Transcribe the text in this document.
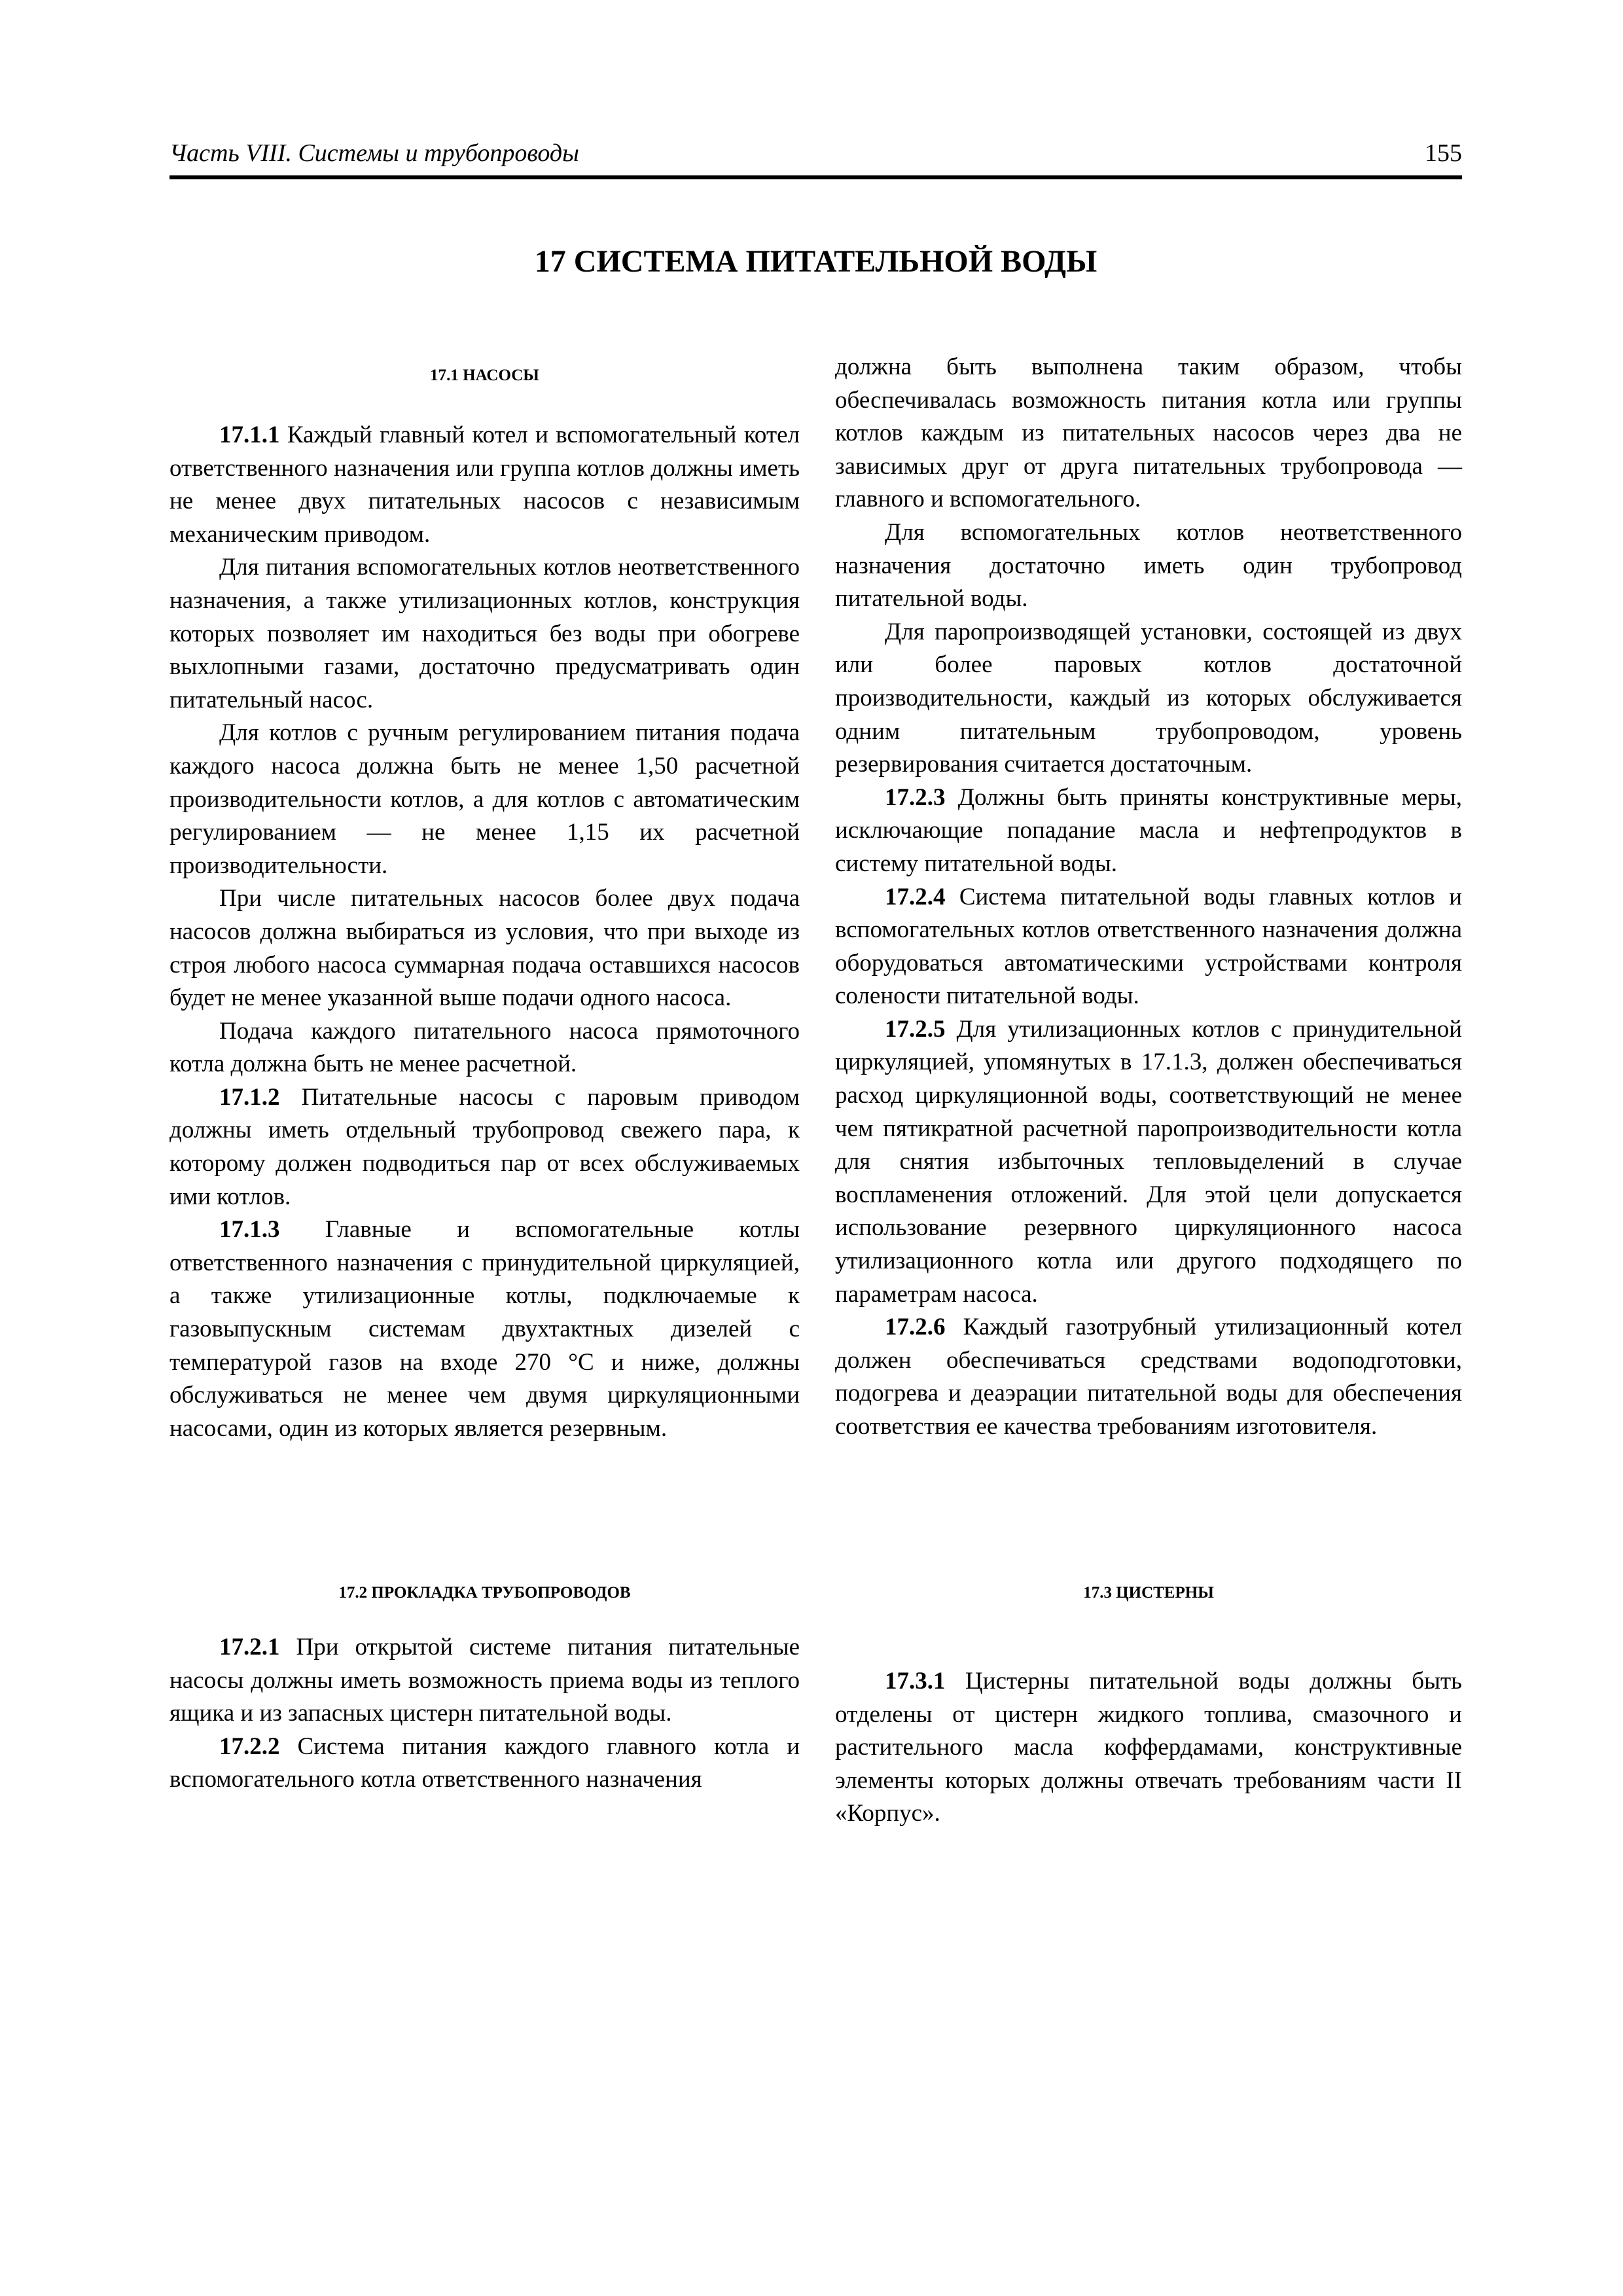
Часть VIII. Системы и трубопроводы	155
17 СИСТЕМА ПИТАТЕЛЬНОЙ ВОДЫ
17.1 НАСОСЫ

17.1.1 Каждый главный котел и вспомогательный котел ответственного назначения или группа котлов должны иметь не менее двух питательных насосов с независимым механическим приводом.

Для питания вспомогательных котлов неответственного назначения, а также утилизационных котлов, конструкция которых позволяет им находиться без воды при обогреве выхлопными газами, достаточно предусматривать один питательный насос.

Для котлов с ручным регулированием питания подача каждого насоса должна быть не менее 1,50 расчетной производительности котлов, а для котлов с автоматическим регулированием — не менее 1,15 их расчетной производительности.

При числе питательных насосов более двух подача насосов должна выбираться из условия, что при выходе из строя любого насоса суммарная подача оставшихся насосов будет не менее указанной выше подачи одного насоса.

Подача каждого питательного насоса прямоточного котла должна быть не менее расчетной.

17.1.2 Питательные насосы с паровым приводом должны иметь отдельный трубопровод свежего пара, к которому должен подводиться пар от всех обслуживаемых ими котлов.

17.1.3 Главные и вспомогательные котлы ответственного назначения с принудительной циркуляцией, а также утилизационные котлы, подключаемые к газовыпускным системам двухтактных дизелей с температурой газов на входе 270 °С и ниже, должны обслуживаться не менее чем двумя циркуляционными насосами, один из которых является резервным.

должна быть выполнена таким образом, чтобы обеспечивалась возможность питания котла или группы котлов каждым из питательных насосов через два не зависимых друг от друга питательных трубопровода — главного и вспомогательного.

Для вспомогательных котлов неответственного назначения достаточно иметь один трубопровод питательной воды.

Для паропроизводящей установки, состоящей из двух или более паровых котлов достаточной производительности, каждый из которых обслуживается одним питательным трубопроводом, уровень резервирования считается достаточным.

17.2.3 Должны быть приняты конструктивные меры, исключающие попадание масла и нефтепродуктов в систему питательной воды.

17.2.4 Система питательной воды главных котлов и вспомогательных котлов ответственного назначения должна оборудоваться автоматическими устройствами контроля солености питательной воды.

17.2.5 Для утилизационных котлов с принудительной циркуляцией, упомянутых в 17.1.3, должен обеспечиваться расход циркуляционной воды, соответствующий не менее чем пятикратной расчетной паропроизводительности котла для снятия избыточных тепловыделений в случае воспламенения отложений. Для этой цели допускается использование резервного циркуляционного насоса утилизационного котла или другого подходящего по параметрам насоса.

17.2.6 Каждый газотрубный утилизационный котел должен обеспечиваться средствами водоподготовки, подогрева и деаэрации питательной воды для обеспечения соответствия ее качества требованиям изготовителя.

17.2 ПРОКЛАДКА ТРУБОПРОВОДОВ

17.2.1 При открытой системе питания питательные насосы должны иметь возможность приема воды из теплого ящика и из запасных цистерн питательной воды.

17.2.2 Система питания каждого главного котла и вспомогательного котла ответственного назначения

17.3 ЦИСТЕРНЫ

17.3.1 Цистерны питательной воды должны быть отделены от цистерн жидкого топлива, смазочного и растительного масла коффердамами, конструктивные элементы которых должны отвечать требованиям части II «Корпус».
